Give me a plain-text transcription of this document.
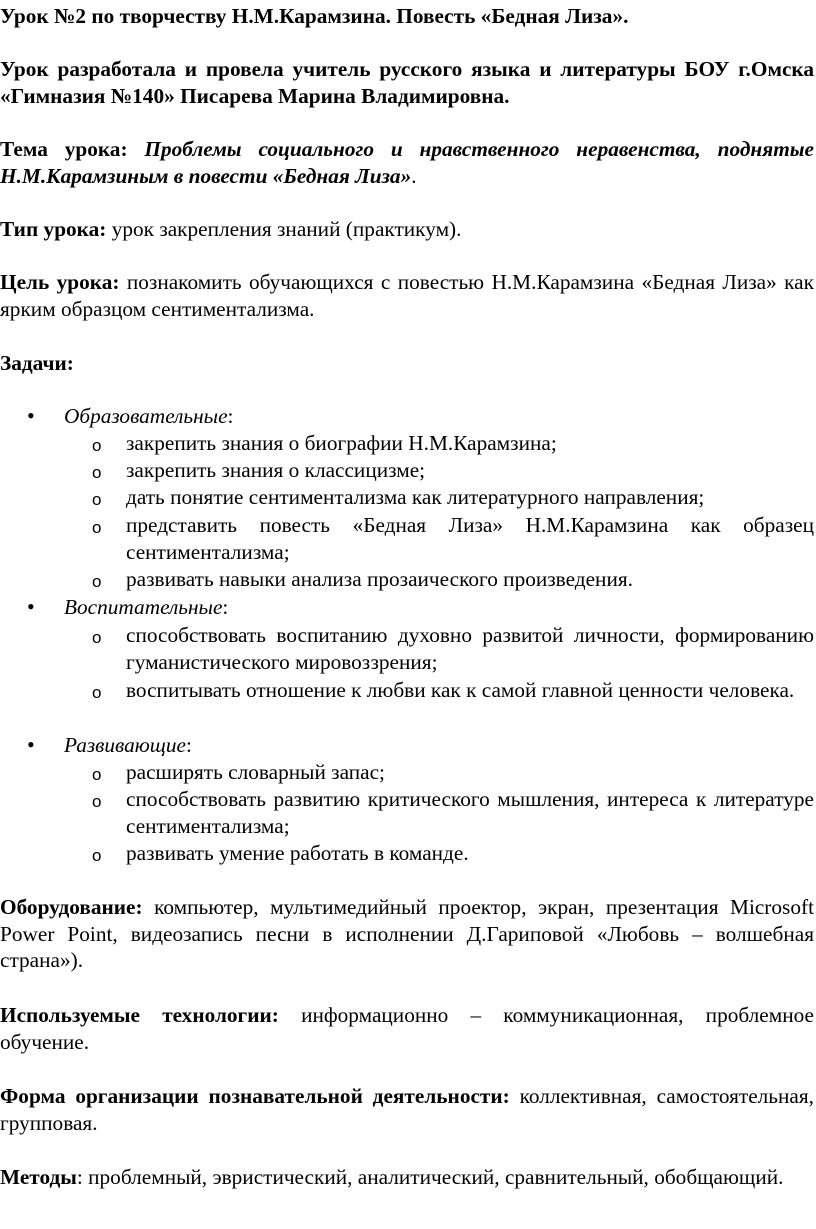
Урок №2 по творчеству Н.М.Карамзина. Повесть «Бедная Лиза».

Урок разработала и провела учитель русского языка и литературы БОУ г.Омска «Гимназия №140» Писарева Марина Владимировна.

Тема урока: Проблемы социального и нравственного неравенства, поднятые Н.М.Карамзиным в повести «Бедная Лиза».

Тип урока: урок закрепления знаний (практикум).

Цель урока: познакомить обучающихся с повестью Н.М.Карамзина «Бедная Лиза» как ярким образцом сентиментализма.

Задачи:

• Образовательные:
o закрепить знания о биографии Н.М.Карамзина;
o закрепить знания о классицизме;
o дать понятие сентиментализма как литературного направления;
o представить повесть «Бедная Лиза» Н.М.Карамзина как образец сентиментализма;
o развивать навыки анализа прозаического произведения.
• Воспитательные:
o способствовать воспитанию духовно развитой личности, формированию гуманистического мировоззрения;
o воспитывать отношение к любви как к самой главной ценности человека.
• Развивающие:
o расширять словарный запас;
o способствовать развитию критического мышления, интереса к литературе сентиментализма;
o развивать умение работать в команде.

Оборудование: компьютер, мультимедийный проектор, экран, презентация Microsoft Power Point, видеозапись песни в исполнении Д.Гариповой «Любовь – волшебная страна»).

Используемые технологии: информационно – коммуникационная, проблемное обучение.

Форма организации познавательной деятельности: коллективная, самостоятельная, групповая.

Методы: проблемный, эвристический, аналитический, сравнительный, обобщающий.
